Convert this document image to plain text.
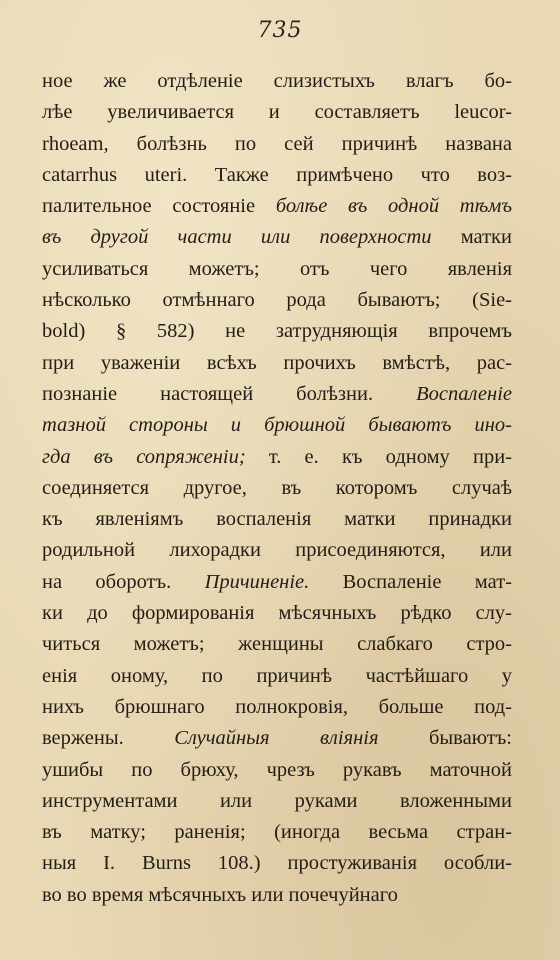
735
ное же отдѣленіе слизистыхъ влагъ бо-
лѣе увеличивается и составляетъ leucor-
rhoeam, болѣзнь по сей причинѣ названа
catarrhus uteri. Также примѣчено что воз-
палительное состояніе болѣе въ одной тѣмъ
въ другой части или поверхности матки
усиливаться можетъ; отъ чего явленія
нѣсколько отмѣннаго рода бываютъ; (Sie-
bold) § 582) не затрудняющія впрочемъ
при уваженіи всѣхъ прочихъ вмѣстѣ, рас-
познаніе настоящей болѣзни. Воспаленіе
тазной стороны и брюшной бываютъ ино-
гда въ сопряженіи; т. е. къ одному при-
соединяется другое, въ которомъ случаѣ
къ явленіямъ воспаленія матки принадки
родильной лихорадки присоединяются, или
на оборотъ. Причиненіе. Воспаленіе мат-
ки до формированія мѣсячныхъ рѣдко слу-
читься можетъ; женщины слабкаго стро-
енія оному, по причинѣ частѣйшаго у
нихъ брюшнаго полнокровія, больше под-
вержены. Случайныя вліянія бываютъ:
ушибы по брюху, чрезъ рукавъ маточной
инструментами или руками вложенными
въ матку; раненія; (иногда весьма стран-
ныя I. Burns 108.) простуживанія особли-
во во время мѣсячныхъ или почечуйнаго
